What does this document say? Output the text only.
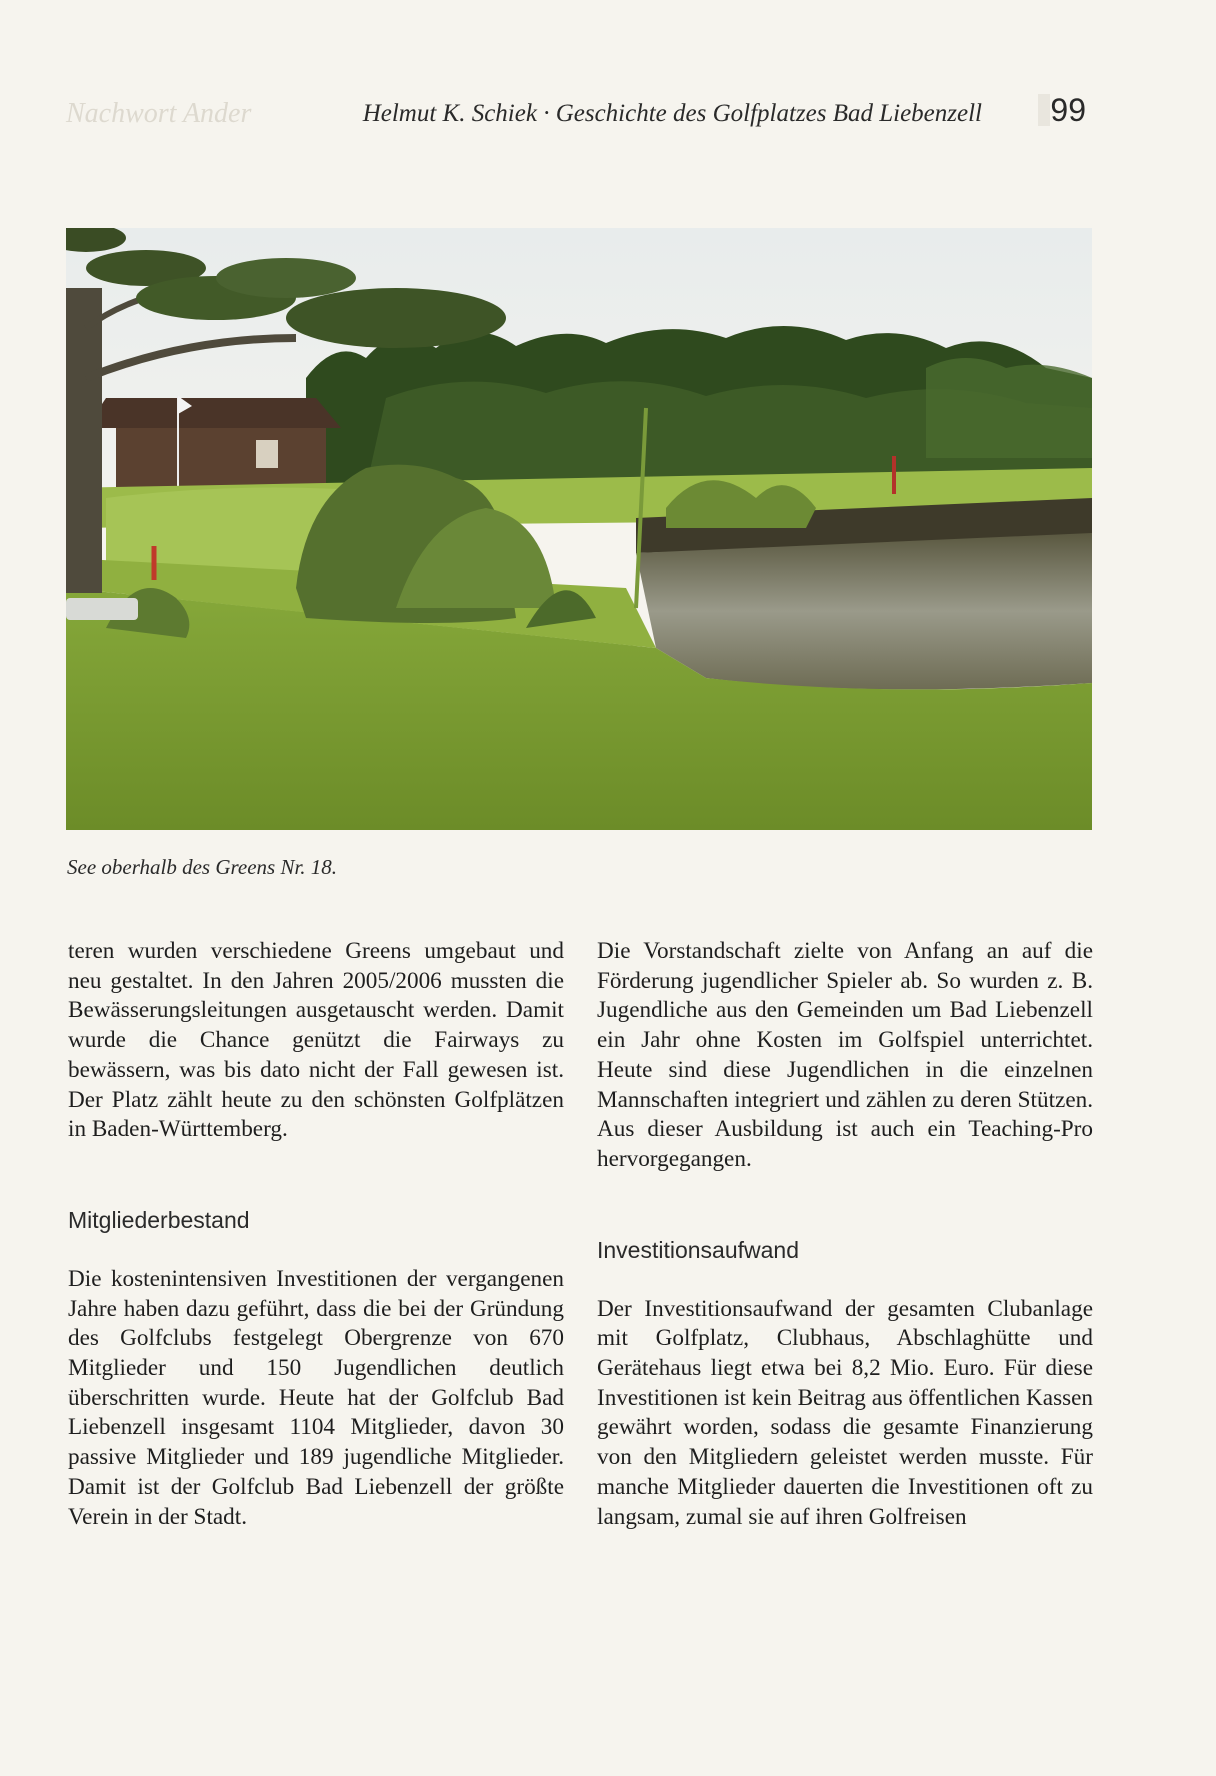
Nachwort Ander	Helmut K. Schiek · Geschichte des Golfplatzes Bad Liebenzell 99
See oberhalb des Greens Nr. 18.

teren wurden verschiedene Greens umgebaut und neu gestaltet. In den Jahren 2005/2006 mussten die Bewässerungsleitungen ausgetauscht werden. Damit wurde die Chance genützt die Fairways zu bewässern, was bis dato nicht der Fall gewesen ist. Der Platz zählt heute zu den schönsten Golfplätzen in Baden-Württemberg.

Mitgliederbestand

Die kostenintensiven Investitionen der vergangenen Jahre haben dazu geführt, dass die bei der Gründung des Golfclubs festgelegt Obergrenze von 670 Mitglieder und 150 Jugendlichen deutlich überschritten wurde. Heute hat der Golfclub Bad Liebenzell insgesamt 1104 Mitglieder, davon 30 passive Mitglieder und 189 jugendliche Mitglieder. Damit ist der Golfclub Bad Liebenzell der größte Verein in der Stadt.

Die Vorstandschaft zielte von Anfang an auf die Förderung jugendlicher Spieler ab. So wurden z. B. Jugendliche aus den Gemeinden um Bad Liebenzell ein Jahr ohne Kosten im Golfspiel unterrichtet. Heute sind diese Jugendlichen in die einzelnen Mannschaften integriert und zählen zu deren Stützen. Aus dieser Ausbildung ist auch ein Teaching-Pro hervorgegangen.

Investitionsaufwand

Der Investitionsaufwand der gesamten Clubanlage mit Golfplatz, Clubhaus, Abschlaghütte und Gerätehaus liegt etwa bei 8,2 Mio. Euro. Für diese Investitionen ist kein Beitrag aus öffentlichen Kassen gewährt worden, sodass die gesamte Finanzierung von den Mitgliedern geleistet werden musste. Für manche Mitglieder dauerten die Investitionen oft zu langsam, zumal sie auf ihren Golfreisen
